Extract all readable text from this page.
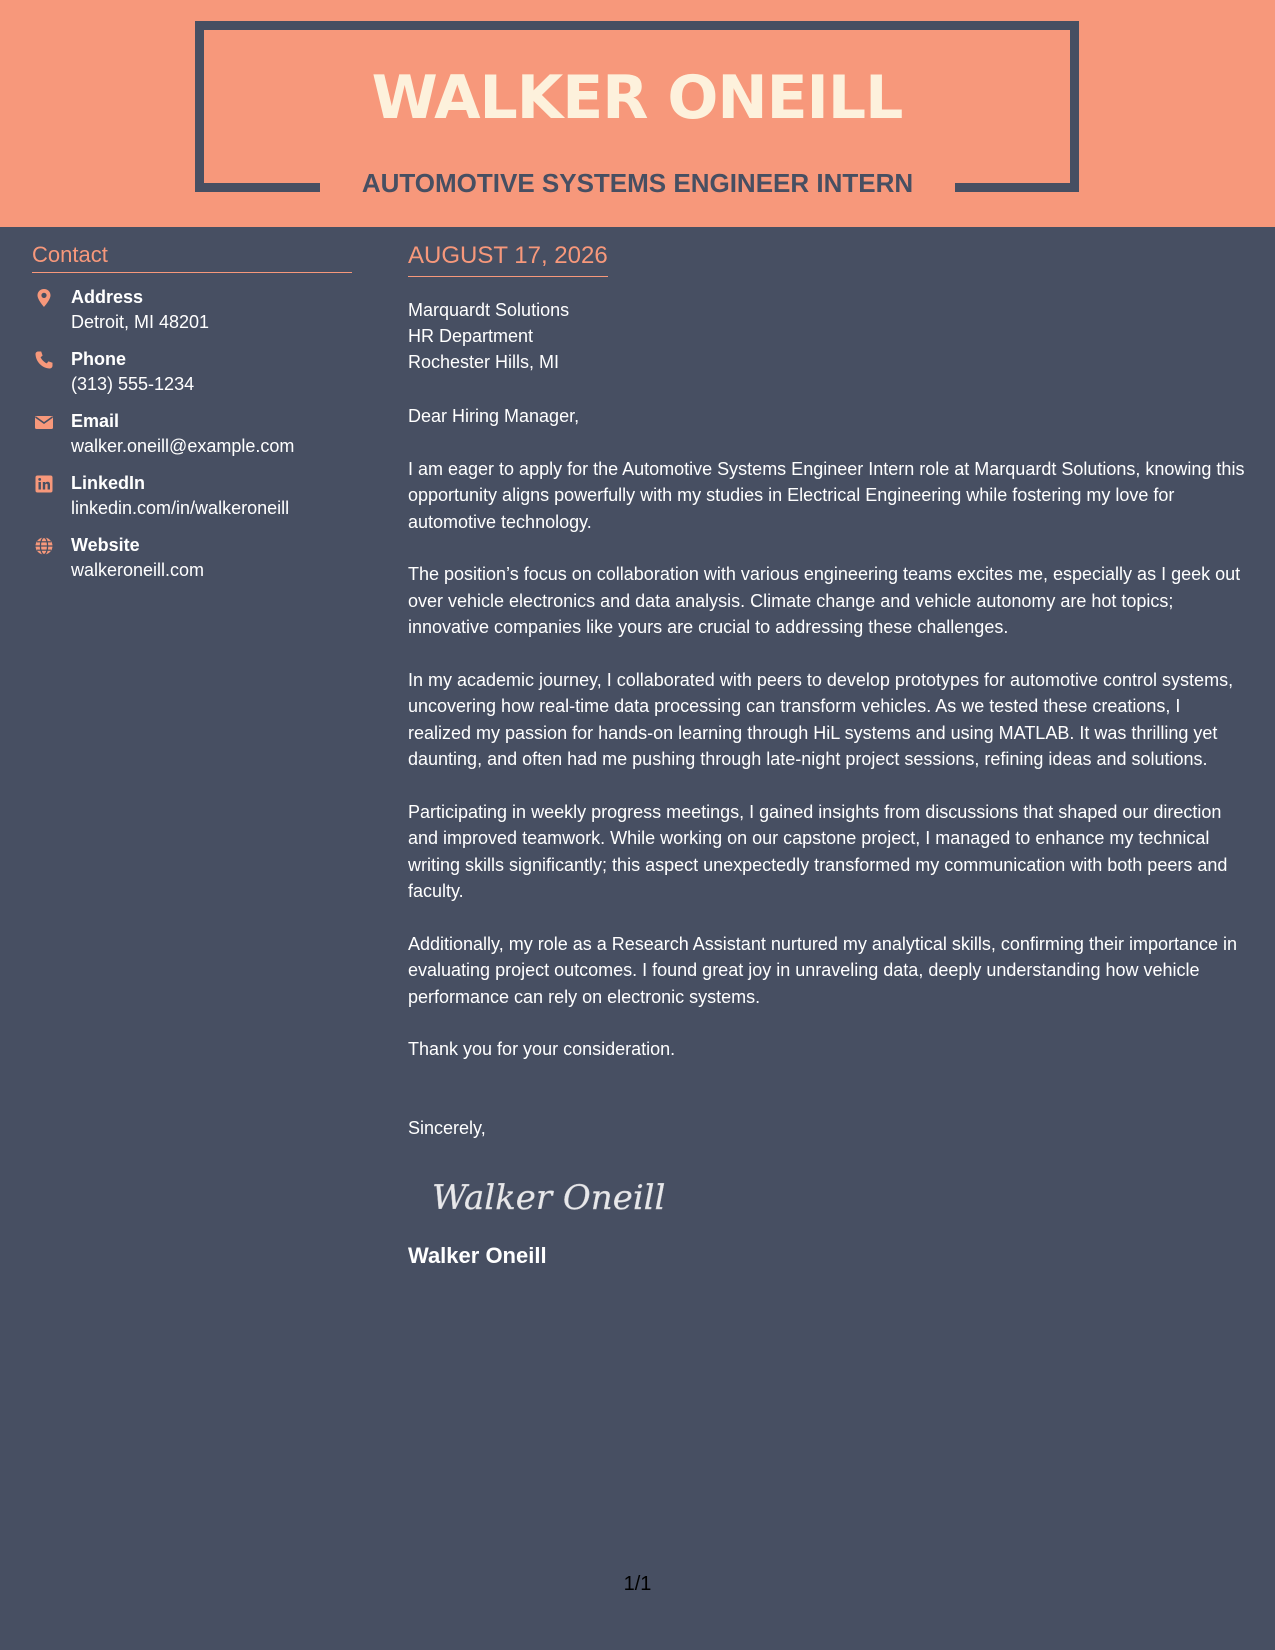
WALKER ONEILL
AUTOMOTIVE SYSTEMS ENGINEER INTERN
Contact
Address
Detroit, MI 48201
Phone
(313) 555-1234
Email
walker.oneill@example.com
LinkedIn
linkedin.com/in/walkeroneill
Website
walkeroneill.com
AUGUST 17, 2026
Marquardt Solutions
HR Department
Rochester Hills, MI

Dear Hiring Manager,

I am eager to apply for the Automotive Systems Engineer Intern role at Marquardt Solutions, knowing this opportunity aligns powerfully with my studies in Electrical Engineering while fostering my love for automotive technology.

The position’s focus on collaboration with various engineering teams excites me, especially as I geek out over vehicle electronics and data analysis. Climate change and vehicle autonomy are hot topics; innovative companies like yours are crucial to addressing these challenges.

In my academic journey, I collaborated with peers to develop prototypes for automotive control systems, uncovering how real-time data processing can transform vehicles. As we tested these creations, I realized my passion for hands-on learning through HiL systems and using MATLAB. It was thrilling yet daunting, and often had me pushing through late-night project sessions, refining ideas and solutions.

Participating in weekly progress meetings, I gained insights from discussions that shaped our direction and improved teamwork. While working on our capstone project, I managed to enhance my technical writing skills significantly; this aspect unexpectedly transformed my communication with both peers and faculty.

Additionally, my role as a Research Assistant nurtured my analytical skills, confirming their importance in evaluating project outcomes. I found great joy in unraveling data, deeply understanding how vehicle performance can rely on electronic systems.

Thank you for your consideration.

Sincerely,

Walker Oneill
Walker Oneill
1/1
